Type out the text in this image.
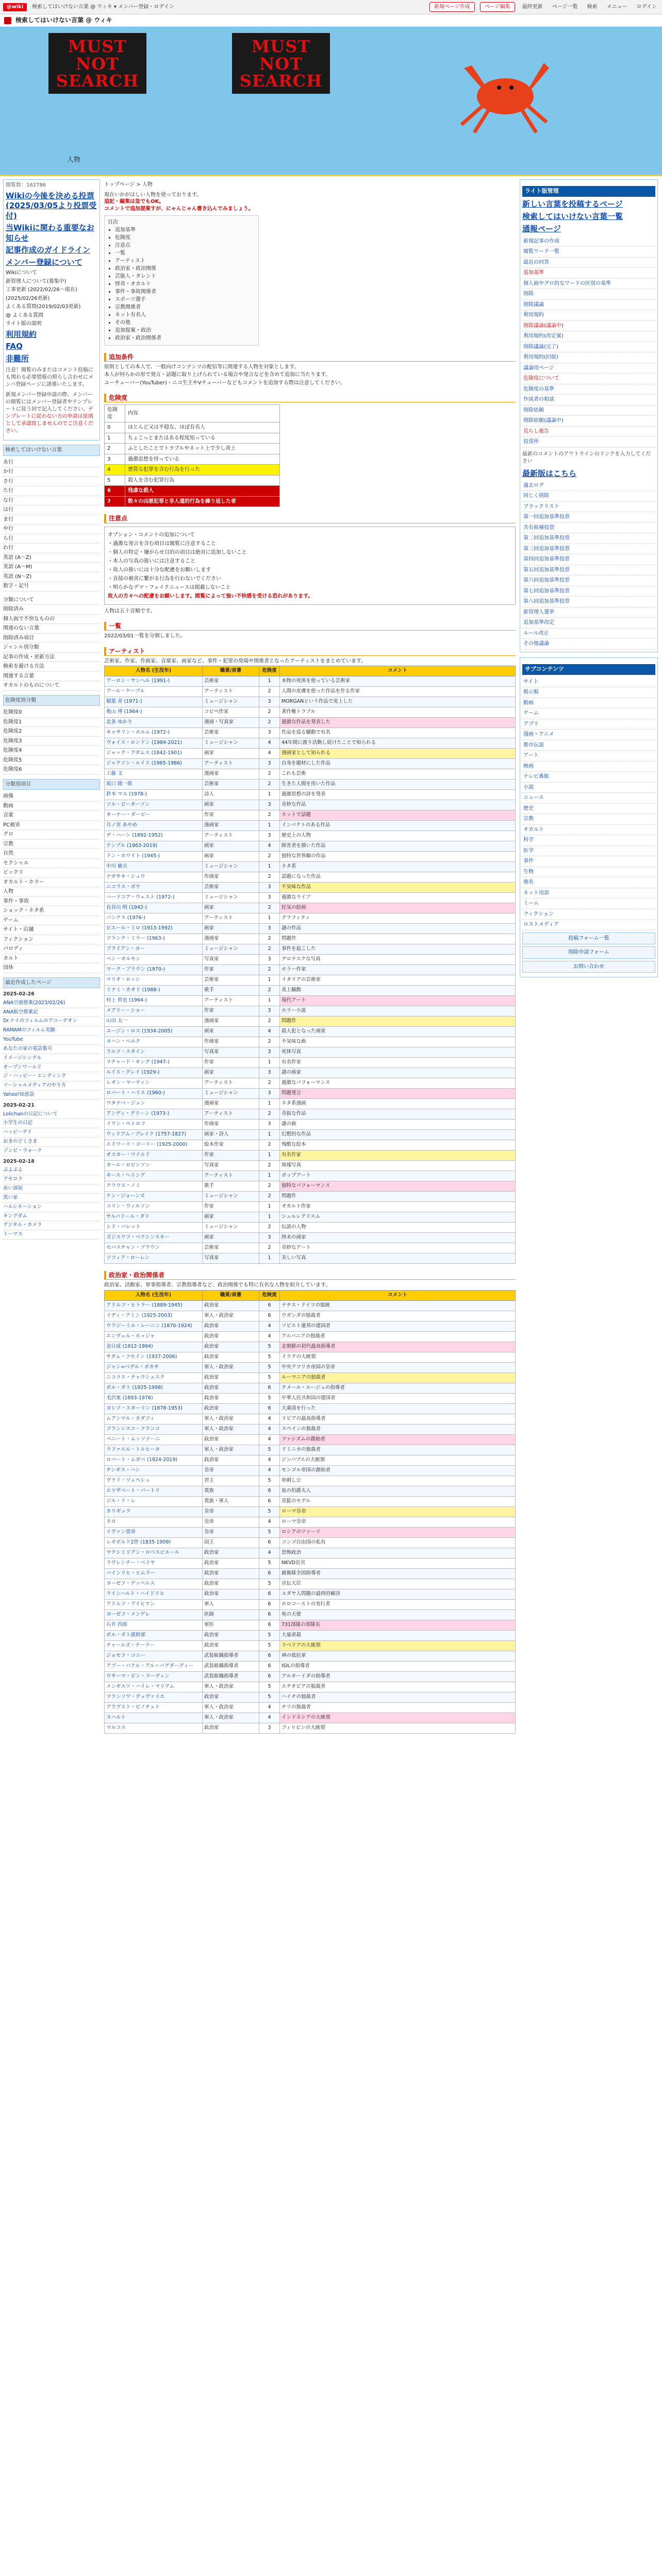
@wiki	検索してはいけない言葉 @ ウィキ ▾ メンバー登録・ログイン	新規ページ作成	ページ編集	最終更新	ページ一覧	検索	メニュー	ログイン
検索してはいけない言葉 @ ウィキ
MUST NOT SEARCH
MUST NOT SEARCH
人物
閲覧数：162786
Wikiの今後を決める投票(2025/03/05より投票受付)
当Wikiに関わる重要なお知らせ
記事作成のガイドライン
メンバー登録について
Wikiについて
新管理人について(募集中)
工事更新 (2022/02/26〜現在)
(2025/02/26更新)
よくある質問(2019/02/03更新)
@ よくある質問
ライト版の説明
利用規約
FAQ
非難所
注意！閲覧のみまたはコメント投稿にも関わる必要情報の照らし合わせにメンバ登録ページに誘導いたします。
新規メンバー登録申請の際、メンバーの閲覧にはメンバー登録者やテンプレートに従う回で記入してください。テンプレートに従わない方の申請は原則として承認致しませんのでご注意ください。
検索してはいけない言葉
あ行
か行
さ行
た行
な行
は行
ま行
や行
ら行
わ行
英語 (A〜Z)
英語 (A〜M)
英語 (N〜Z)
数字・記号
分類について
削除済み
個人面で不快なものの
関連のない言葉
削除済み項目
ジャンル別分類
記事の作成・更新方法
検索を避ける方法
関連する言葉
オカルトのものについて
危険度別分類
危険度0
危険度1
危険度2
危険度3
危険度4
危険度5
危険度6
分類別項目
画像
動画
音楽
PC被害
グロ
宗教
自然
セクシャル
ビックリ
オカルト・ホラー
人物
事件・事故
ショック・ネタ系
ゲーム
サイト・店舗
フィクション
パロディ
カルト
団体
最近作成したページ
2025-02-26
ANA空港搭乗(2023/02/26)
ANA航空搭乗記
Dr.ケイのフィルムのアコーデオン
RAMAMのフィルム実験
YouTube
あなたの家の電話番号
イメージシングル
オープンワールド
ジ・ハッピー・エンディング
ソーシャルメディアのやり方
Yahoo!知恵袋
2025-02-21
Lolichanの日記について
小学生の日記
ハッピーデイ
おきのどくさま
ゾンビ・ウォーク
2025-02-18
ぷよぷよ
アセロラ
赤い部屋
黒い家
ハルシネーション
キングダム
デジタル・カメラ
トーマス
トップページ > 人物

現在いかがはしい人物を使っております。

追記・編集は急でもOK。

コメントで追加提案すが、にゃんじゃん書き込んでみましょう。

目次
• 追加基準
• 危険度
• 注意点
• 一覧
• アーティスト
• 政治家・政治関係
• 芸能人・タレント
• 怪奇・オカルト
• 事件・事故関係者
• スポーツ選手
• 宗教関係者
• ネット有名人
• その他
• 追加提案・政治
• 政治家・政治関係者
追加条件

原則としての本人で、一般向けコンテンツの配信等に関連する人物を対象とします。

本人が何らかの形で発言・話題に取り上げられている場合や発言などを含めて追加に当たります。

ユーチューバー(YouTuber)・ニコ生主やVチューバーなどもコメントを追加する際は注意してください。

危険度
危険度	内容
0	ほとんど又は平穏な、ほぼ有名人
1	ちょこっとまたはある程度知っている
2	ふとしたことでトラブルやネット上で少し炎上
3	過激思想を持っている
4	悪質な犯罪を含む行為を行った
5	殺人を含む犯罪行為
6	残虐な殺人
7	数々の凶悪犯罪と非人道的行為を繰り返した者
注意点

オプション・コメントの追加について

・過激な発言を含む項目は閲覧に注意すること

・個人の特定・嫌がらせ目的の項目は絶対に追加しないこと

・本人の写真の扱いには注意すること

・故人の扱いには十分な配慮をお願いします

・直接の被害に繋がる行為を行わないでください

・明らかなデマ・フェイクニュースは掲載しないこと

故人の方々への配慮をお願いします。閲覧によって強い不快感を受ける恐れがあります。

人物は五十音順です。

一覧

2022/03/01一覧を分割しました。

アーティスト

芸術家、作家、作曲家、音楽家、画家など、事件・犯罪の発端や関係者となったアーティストをまとめています。

人物名 (生没年)	職業/肩書	危険度	コメント
アーロン・ヤンヘル (1991-)	芸術家	1	本物の死体を使っている芸術家
アール・ケーブル	アーティスト	2	人間の皮膚を使った作品を作る作家
稲葉 青 (1971-)	ミュージシャン	3	MORGANという作品で炎上した
亀山 博 (1964-)	コピペ作家	2	著作権トラブル
北条 ゆかり	漫画・写真家	2	過激な作品を発表した
キャサリン・ホルム (1972-)	芸術家	3	作品を巡る騒動で有名
ヴォイス・ロンドン (1984-2021)	ミュージシャン	4	44年間に渡り活動し続けたことで知られる
ジャック・アダムス (1842-1901)	画家	4	漫画家として知られる
ジャクソン・ルイス (1965-1986)	アーティスト	3	自身を題材にした作品
工藤 文	漫画家	2	これも芸術
坂口 隆一郎	芸術家	2	生きた人間を用いた作品
鈴木 マユ (1978-)	詩人	1	過激思想の詩を発表
ソル・ピーターソン	画家	3	奇妙な作品
ターナー・ダービー	作家	2	ネットで話題
月ノ宮 あやめ	漫画家	1	インパクトのある作品
デ・ハーン (1892-1952)	アーティスト	3	歴史上の人物
テンプル (1963-2019)	画家	4	障害者を描いた作品
ドン・ホワイト (1945-)	画家	2	独特な世界観の作品
中川 敏夫	ミュージシャン	1	ネタ系
ナガサキ・シュウ	作曲家	2	話題になった作品
ニコラス・ボウ	芸術家	3	不気味な作品
ハードコア・ウェスト (1972-)	ミュージシャン	3	過激なライブ
長谷川 明 (1942-)	画家	2	狂気の絵画
バンクス (1976-)	アーティスト	1	グラフィティ
ピエール・ミロ (1913-1992)	画家	3	謎の作品
フランク・ミラー (1963-)	漫画家	2	問題作
ブライアン・ヨー	ミュージシャン	2	事件を起こした
ベン・オルセン	写真家	3	グロテスクな写真
マーク・ブラウン (1970-)	作家	2	ホラー作家
マリオ・ロッシ	芸術家	1	イタリアの芸術家
ミナミ・カオリ (1988-)	歌手	2	炎上騒動
村上 哲也 (1964-)	アーティスト	1	現代アート
メアリー・ショー	作家	3	ホラー小説
山田 太一	漫画家	2	問題作
ユージン・ロス (1934-2005)	画家	4	殺人犯となった画家
ヨハン・ベルク	作曲家	2	不気味な曲
ラルフ・スタイン	写真家	3	死体写真
リチャード・キング (1947-)	作家	1	有名作家
ルイス・グレイ (1929-)	画家	3	謎の画家
レオン・マーティン	アーティスト	2	過激なパフォーマンス
ロバート・ハリス (1960-)	ミュージシャン	3	問題発言
ワタナベ・ジュン	漫画家	1	ネタ系漫画
アンディ・グリーン (1973-)	アーティスト	2	奇抜な作品
イワン・ペトロフ	作曲家	3	謎の曲
ウィリアム・ブレイク (1757-1827)	画家・詩人	1	幻想的な作品
エドワード・ゴーリー (1925-2000)	絵本作家	2	残酷な絵本
オスカー・ワイルド	作家	1	有名作家
カール・ロビンソン	写真家	2	廃墟写真
キース・ヘリング	アーティスト	1	ポップアート
クラウス・ノミ	歌手	2	独特なパフォーマンス
ケン・ジョーンズ	ミュージシャン	2	問題作
コリン・ウィルソン	作家	1	オカルト作家
サルバドール・ダリ	画家	1	シュルレアリスム
シド・バレット	ミュージシャン	2	伝説の人物
ズジスワフ・ベクシンスキー	画家	3	終末の画家
セバスチャン・ブラウン	芸術家	2	奇妙なアート
ソフィア・ローレン	写真家	1	美しい写真
政治家・政治関係者

政治家、活動家、軍事指導者、宗教指導者など、政治関係でも特に有名な人物を紹介しています。

人物名 (生没年)	職業/肩書	危険度	コメント
アドルフ・ヒトラー (1889-1945)	政治家	6	ナチス・ドイツの総統
イディ・アミン (1925-2003)	軍人・政治家	6	ウガンダの独裁者
ウラジーミル・レーニン (1870-1924)	政治家	4	ソビエト連邦の建国者
エンヴェル・ホッジャ	政治家	4	アルバニアの独裁者
金日成 (1912-1994)	政治家	5	北朝鮮の初代最高指導者
サダム・フセイン (1937-2006)	政治家	5	イラクの大統領
ジャン=ベデル・ボカサ	軍人・政治家	5	中央アフリカ帝国の皇帝
ニコラエ・チャウシェスク	政治家	5	ルーマニアの独裁者
ポル・ポト (1925-1998)	政治家	6	クメール・ルージュの指導者
毛沢東 (1893-1976)	政治家	5	中華人民共和国の建国者
ヨシフ・スターリン (1878-1953)	政治家	6	大粛清を行った
ムアンマル・カダフィ	軍人・政治家	4	リビアの最高指導者
フランシスコ・フランコ	軍人・政治家	4	スペインの独裁者
ベニート・ムッソリーニ	政治家	4	ファシズムの創始者
ラファエル・トルヒーヨ	軍人・政治家	5	ドミニカの独裁者
ロバート・ムガベ (1924-2019)	政治家	4	ジンバブエの大統領
チンギス・ハン	皇帝	4	モンゴル帝国の創始者
ヴラド・ツェペシュ	君主	5	串刺し公
エリザベート・バートリ	貴族	6	血の伯爵夫人
ジル・ド・レ	貴族・軍人	6	青髭のモデル
カリギュラ	皇帝	5	ローマ皇帝
ネロ	皇帝	4	ローマ皇帝
イヴァン雷帝	皇帝	5	ロシアのツァーリ
レオポルド2世 (1835-1909)	国王	6	コンゴ自由国の私有
マクシミリアン・ロベスピエール	政治家	4	恐怖政治
ラヴレンチー・ベリヤ	政治家	5	NKVD長官
ハインリヒ・ヒムラー	政治家	6	親衛隊全国指導者
ヨーゼフ・ゲッベルス	政治家	5	宣伝大臣
ラインハルト・ハイドリヒ	政治家	6	ユダヤ人問題の最終的解決
アドルフ・アイヒマン	軍人	6	ホロコーストの実行者
ヨーゼフ・メンゲレ	医師	6	死の天使
石井 四郎	軍医	6	731部隊の部隊長
ポル・ポト派幹部	政治家	5	大量虐殺
チャールズ・テーラー	政治家	5	リベリアの大統領
ジョセフ・コニー	武装組織指導者	6	神の抵抗軍
アブー・バクル・アル＝バグダーディー	武装組織指導者	6	ISILの指導者
ウサーマ・ビン・ラーディン	武装組織指導者	6	アルカーイダの指導者
メンギスツ・ハイレ・マリアム	軍人・政治家	5	エチオピアの独裁者
フランソワ・デュヴァリエ	政治家	5	ハイチの独裁者
アウグスト・ピノチェト	軍人・政治家	4	チリの独裁者
スハルト	軍人・政治家	4	インドネシアの大統領
マルコス	政治家	3	フィリピンの大統領
ライト版管理
新しい言葉を投稿するページ
検索してはいけない言葉一覧
通報ページ
新規記事の作成
閲覧ワード一覧
最近の回答
追加基準
個人面やグロ的なワードの区別の基準
削除
削除議論
利用規約
削除議論(議論中)
利用規約(改定案)
削除議論(完了)
利用規約(旧版)
議論用ページ
危険度について
危険度の基準
作成者の相談
削除依頼
削除依頼(議論中)
荒らし報告
投票所

最新のコメントのアウトラインのリンクを入力してください

最新版はこちら
過去ログ
同じく削除
ブラックリスト
第一回追加基準投票
共有候補投票
第二回追加基準投票
第三回追加基準投票
第四回追加基準投票
第五回追加基準投票
第六回追加基準投票
第七回追加基準投票
第八回追加基準投票
新管理人選挙
追加基準改定
ルール改正
その他議論
サブコンテンツ
サイト
掲示板
動画
ゲーム
アプリ
漫画・アニメ
都市伝説
アート
映画
テレビ番組
小説
ニュース
歴史
宗教
オカルト
科学
医学
事件
生物
地名
ネット用語
ミーム
フィクション
ロストメディア
投稿フォーム一覧
削除申請フォーム
お問い合わせ
